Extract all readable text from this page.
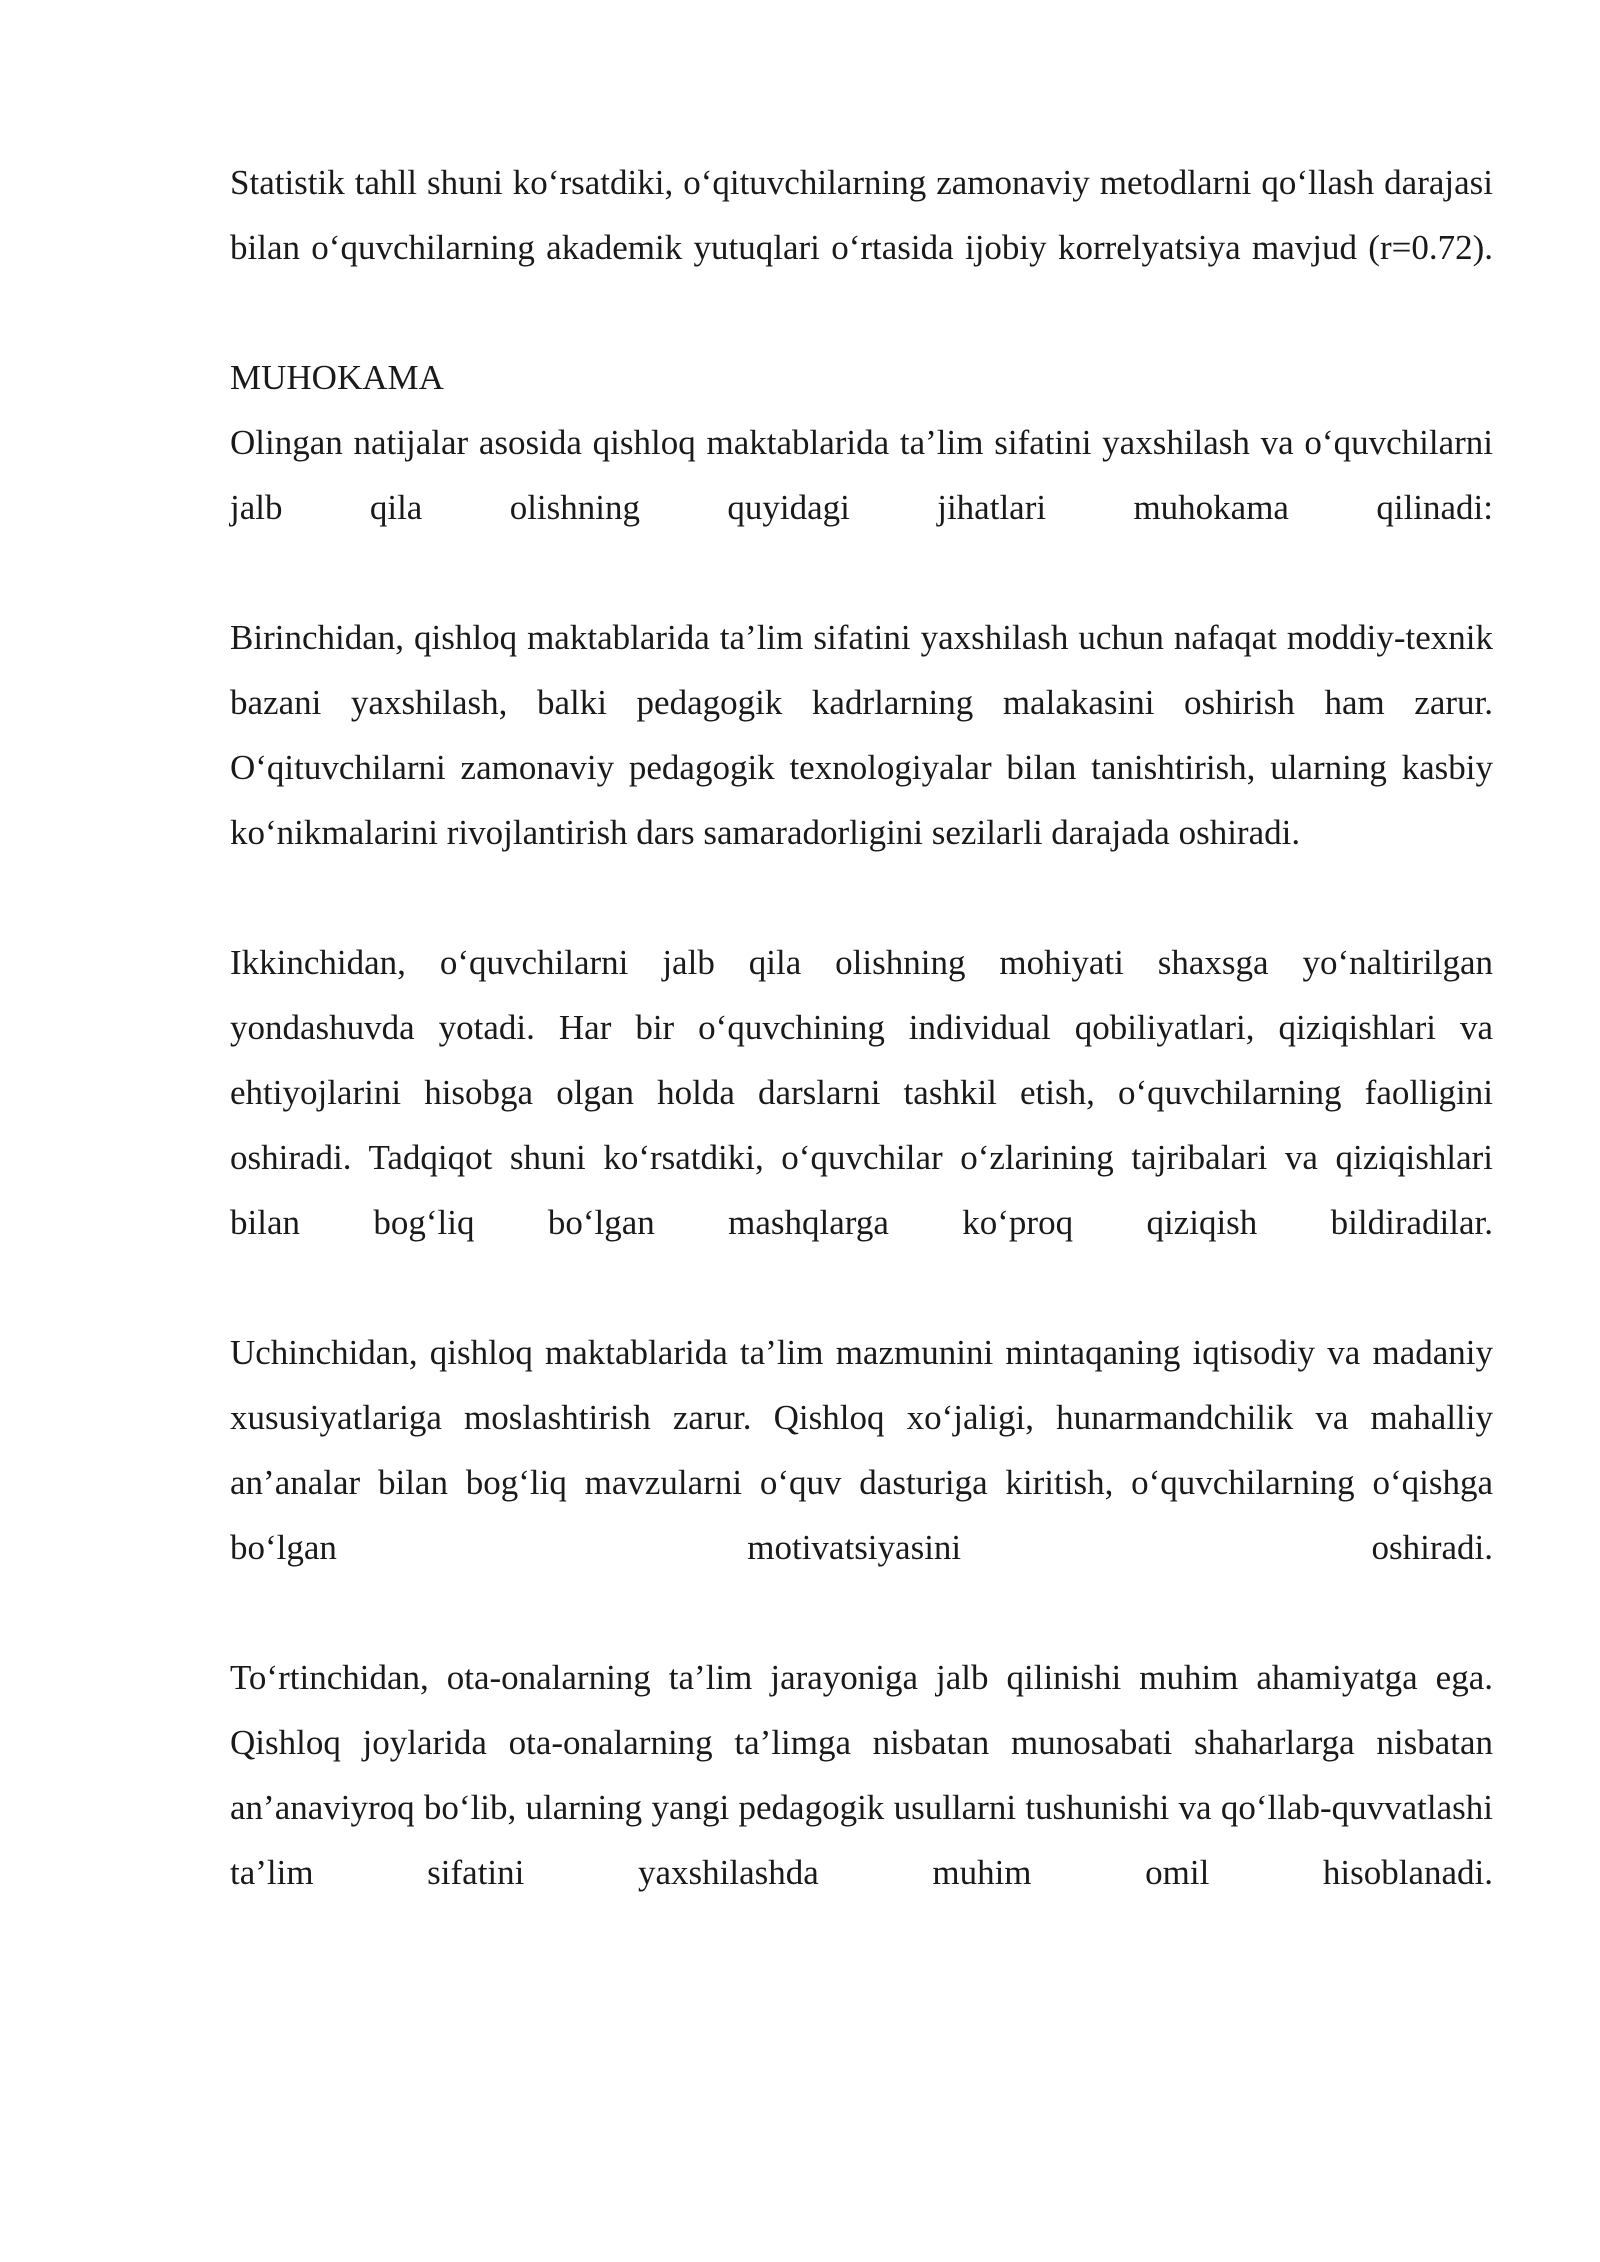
Statistik tahll shuni ko‘rsatdiki, o‘qituvchilarning zamonaviy metodlarni qo‘llash darajasi bilan o‘quvchilarning akademik yutuqlari o‘rtasida ijobiy korrelyatsiya mavjud (r=0.72).

MUHOKAMA

Olingan natijalar asosida qishloq maktablarida ta’lim sifatini yaxshilash va o‘quvchilarni jalb qila olishning quyidagi jihatlari muhokama qilinadi:

Birinchidan, qishloq maktablarida ta’lim sifatini yaxshilash uchun nafaqat moddiy-texnik bazani yaxshilash, balki pedagogik kadrlarning malakasini oshirish ham zarur. O‘qituvchilarni zamonaviy pedagogik texnologiyalar bilan tanishtirish, ularning kasbiy ko‘nikmalarini rivojlantirish dars samaradorligini sezilarli darajada oshiradi.

Ikkinchidan, o‘quvchilarni jalb qila olishning mohiyati shaxsga yo‘naltirilgan yondashuvda yotadi. Har bir o‘quvchining individual qobiliyatlari, qiziqishlari va ehtiyojlarini hisobga olgan holda darslarni tashkil etish, o‘quvchilarning faolligini oshiradi. Tadqiqot shuni ko‘rsatdiki, o‘quvchilar o‘zlarining tajribalari va qiziqishlari bilan bog‘liq bo‘lgan mashqlarga ko‘proq qiziqish bildiradilar.

Uchinchidan, qishloq maktablarida ta’lim mazmunini mintaqaning iqtisodiy va madaniy xususiyatlariga moslashtirish zarur. Qishloq xo‘jaligi, hunarmandchilik va mahalliy an’analar bilan bog‘liq mavzularni o‘quv dasturiga kiritish, o‘quvchilarning o‘qishga bo‘lgan motivatsiyasini oshiradi.

To‘rtinchidan, ota-onalarning ta’lim jarayoniga jalb qilinishi muhim ahamiyatga ega. Qishloq joylarida ota-onalarning ta’limga nisbatan munosabati shaharlarga nisbatan an’anaviyroq bo‘lib, ularning yangi pedagogik usullarni tushunishi va qo‘llab-quvvatlashi ta’lim sifatini yaxshilashda muhim omil hisoblanadi.
